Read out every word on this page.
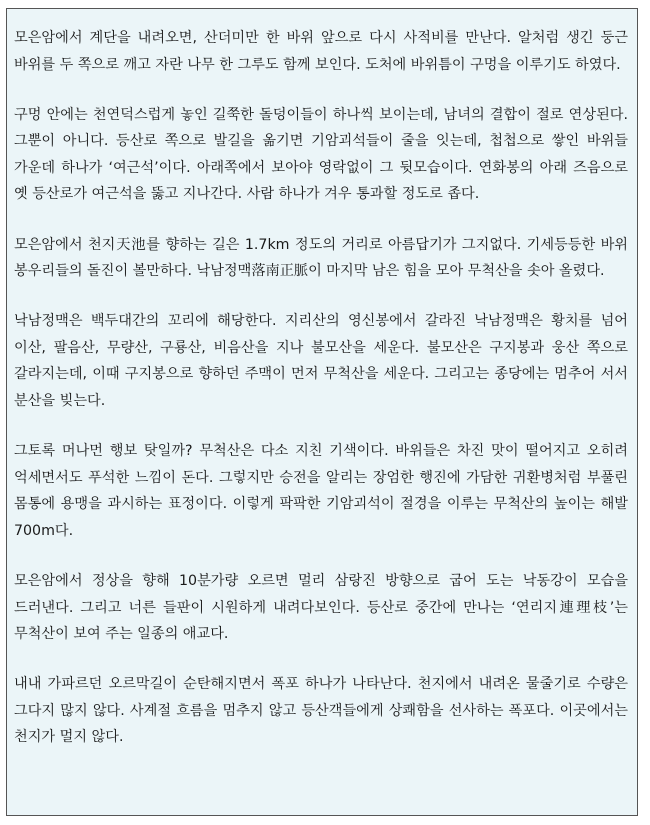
모은암에서 계단을 내려오면, 산더미만 한 바위 앞으로 다시 사적비를 만난다. 알처럼 생긴 둥근 바위를 두 쪽으로 깨고 자란 나무 한 그루도 함께 보인다. 도처에 바위틈이 구멍을 이루기도 하였다.

구멍 안에는 천연덕스럽게 놓인 길쭉한 돌덩이들이 하나씩 보이는데, 남녀의 결합이 절로 연상된다. 그뿐이 아니다. 등산로 쪽으로 발길을 옮기면 기암괴석들이 줄을 잇는데, 첩첩으로 쌓인 바위들 가운데 하나가 ‘여근석’이다. 아래쪽에서 보아야 영락없이 그 뒷모습이다. 연화봉의 아래 즈음으로 옛 등산로가 여근석을 뚫고 지나간다. 사람 하나가 겨우 통과할 정도로 좁다.

모은암에서 천지天池를 향하는 길은 1.7km 정도의 거리로 아름답기가 그지없다. 기세등등한 바위 봉우리들의 돌진이 볼만하다. 낙남정맥落南正脈이 마지막 남은 힘을 모아 무척산을 솟아 올렸다.

낙남정맥은 백두대간의 꼬리에 해당한다. 지리산의 영신봉에서 갈라진 낙남정맥은 황치를 넘어 이산, 팔음산, 무량산, 구룡산, 비음산을 지나 불모산을 세운다. 불모산은 구지봉과 웅산 쪽으로 갈라지는데, 이때 구지봉으로 향하던 주맥이 먼저 무척산을 세운다. 그리고는 종당에는 멈추어 서서 분산을 빚는다.

그토록 머나먼 행보 탓일까? 무척산은 다소 지친 기색이다. 바위들은 차진 맛이 떨어지고 오히려 억세면서도 푸석한 느낌이 돈다. 그렇지만 승전을 알리는 장엄한 행진에 가담한 귀환병처럼 부풀린 몸통에 용맹을 과시하는 표정이다. 이렇게 팍팍한 기암괴석이 절경을 이루는 무척산의 높이는 해발 700m다.

모은암에서 정상을 향해 10분가량 오르면 멀리 삼랑진 방향으로 굽어 도는 낙동강이 모습을 드러낸다. 그리고 너른 들판이 시원하게 내려다보인다. 등산로 중간에 만나는 ‘연리지連理枝’는 무척산이 보여 주는 일종의 애교다.

내내 가파르던 오르막길이 순탄해지면서 폭포 하나가 나타난다. 천지에서 내려온 물줄기로 수량은 그다지 많지 않다. 사계절 흐름을 멈추지 않고 등산객들에게 상쾌함을 선사하는 폭포다. 이곳에서는 천지가 멀지 않다.
